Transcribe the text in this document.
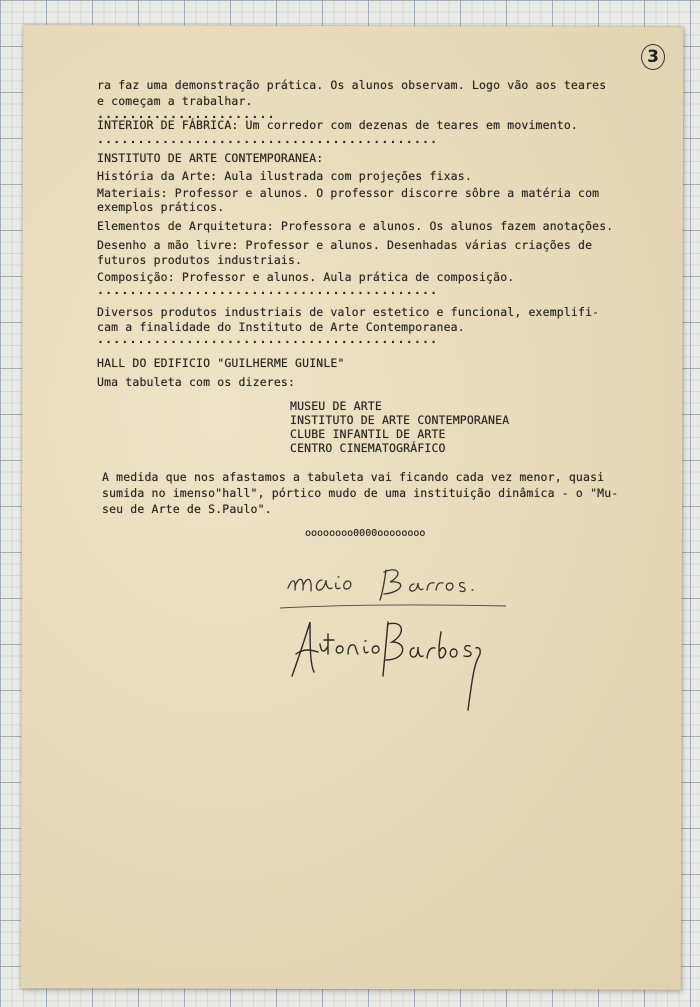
3
ra faz uma demonstração prática. Os alunos observam. Logo vão aos teares
e começam a trabalhar.
......................
INTERIOR DE FÁBRICA: Um corredor com dezenas de teares em movimento.
..........................................
INSTITUTO DE ARTE CONTEMPORANEA:
História da Arte: Aula ilustrada com projeções fixas.
Materiais: Professor e alunos. O professor discorre sôbre a matéria com
exemplos práticos.
Elementos de Arquitetura: Professora e alunos. Os alunos fazem anotações.
Desenho a mão livre: Professor e alunos. Desenhadas várias criações de
futuros produtos industriais.
Composição: Professor e alunos. Aula prática de composição.
..........................................
Diversos produtos industriais de valor estetico e funcional, exemplifi-
cam a finalidade do Instituto de Arte Contemporanea.
..........................................
HALL DO EDIFICIO "GUILHERME GUINLE"
Uma tabuleta com os dizeres:
MUSEU DE ARTE
INSTITUTO DE ARTE CONTEMPORANEA
CLUBE INFANTIL DE ARTE
CENTRO CINEMATOGRÁFICO
A medida que nos afastamos a tabuleta vai ficando cada vez menor, quasi
sumida no imenso"hall", pórtico mudo de uma instituição dinâmica - o "Mu-
seu de Arte de S.Paulo".
oooooooo0000oooooooo
